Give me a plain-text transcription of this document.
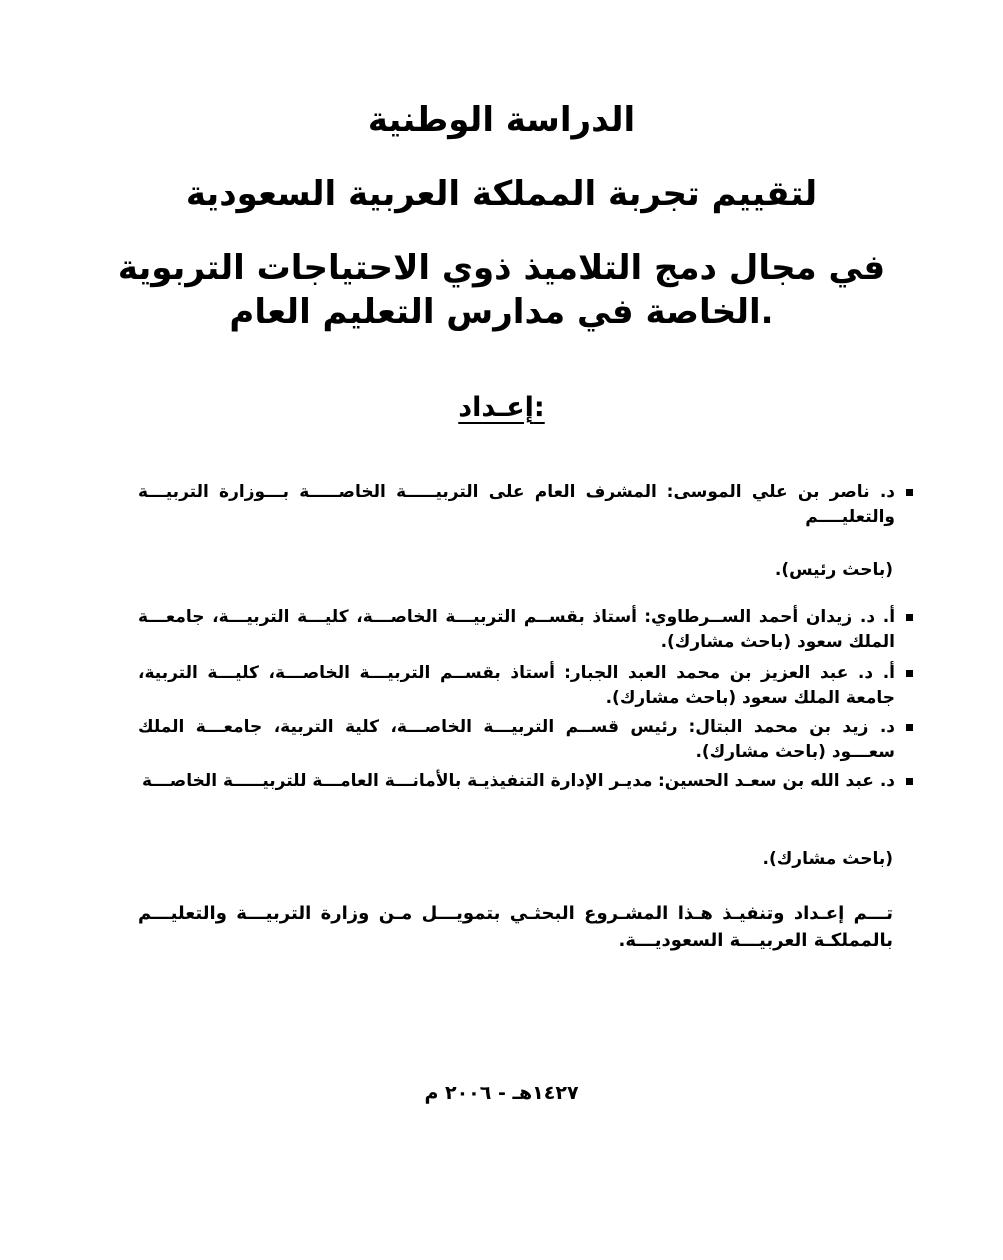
الدراسة الوطنية
لتقييم تجربة المملكة العربية السعودية
في مجال دمج التلاميذ ذوي الاحتياجات التربوية
الخاصة في مدارس التعليم العام.
إعـداد:
د. ناصر بن علي الموسى: المشرف العام على التربيـــــة الخاصـــــة بـــوزارة التربيـــة والتعليــــم
(باحث رئيس).
أ. د. زيدان أحمد الســرطاوي: أستاذ بقســم التربيـــة الخاصـــة، كليـــة التربيـــة، جامعـــة الملك سعود (باحث مشارك).
أ. د. عبد العزيز بن محمد العبد الجبار: أستاذ بقســم التربيـــة الخاصـــة، كليـــة التربية، جامعة الملك سعود (باحث مشارك).
د. زيد بن محمد البتال: رئيس قســم التربيـــة الخاصـــة، كلية التربية، جامعـــة الملك سعـــود (باحث مشارك).
د. عبد الله بن سعـد الحسين: مديـر الإدارة التنفيذيـة بالأمانـــة العامـــة للتربيـــــة الخاصـــة
(باحث مشارك).
تـــم إعـداد وتنفيـذ هـذا المشـروع البحثـي بتمويـــل مـن وزارة التربيـــة والتعليـــم بالمملكـة العربيـــة السعوديـــة.
١٤٢٧هـ - ٢٠٠٦ م
